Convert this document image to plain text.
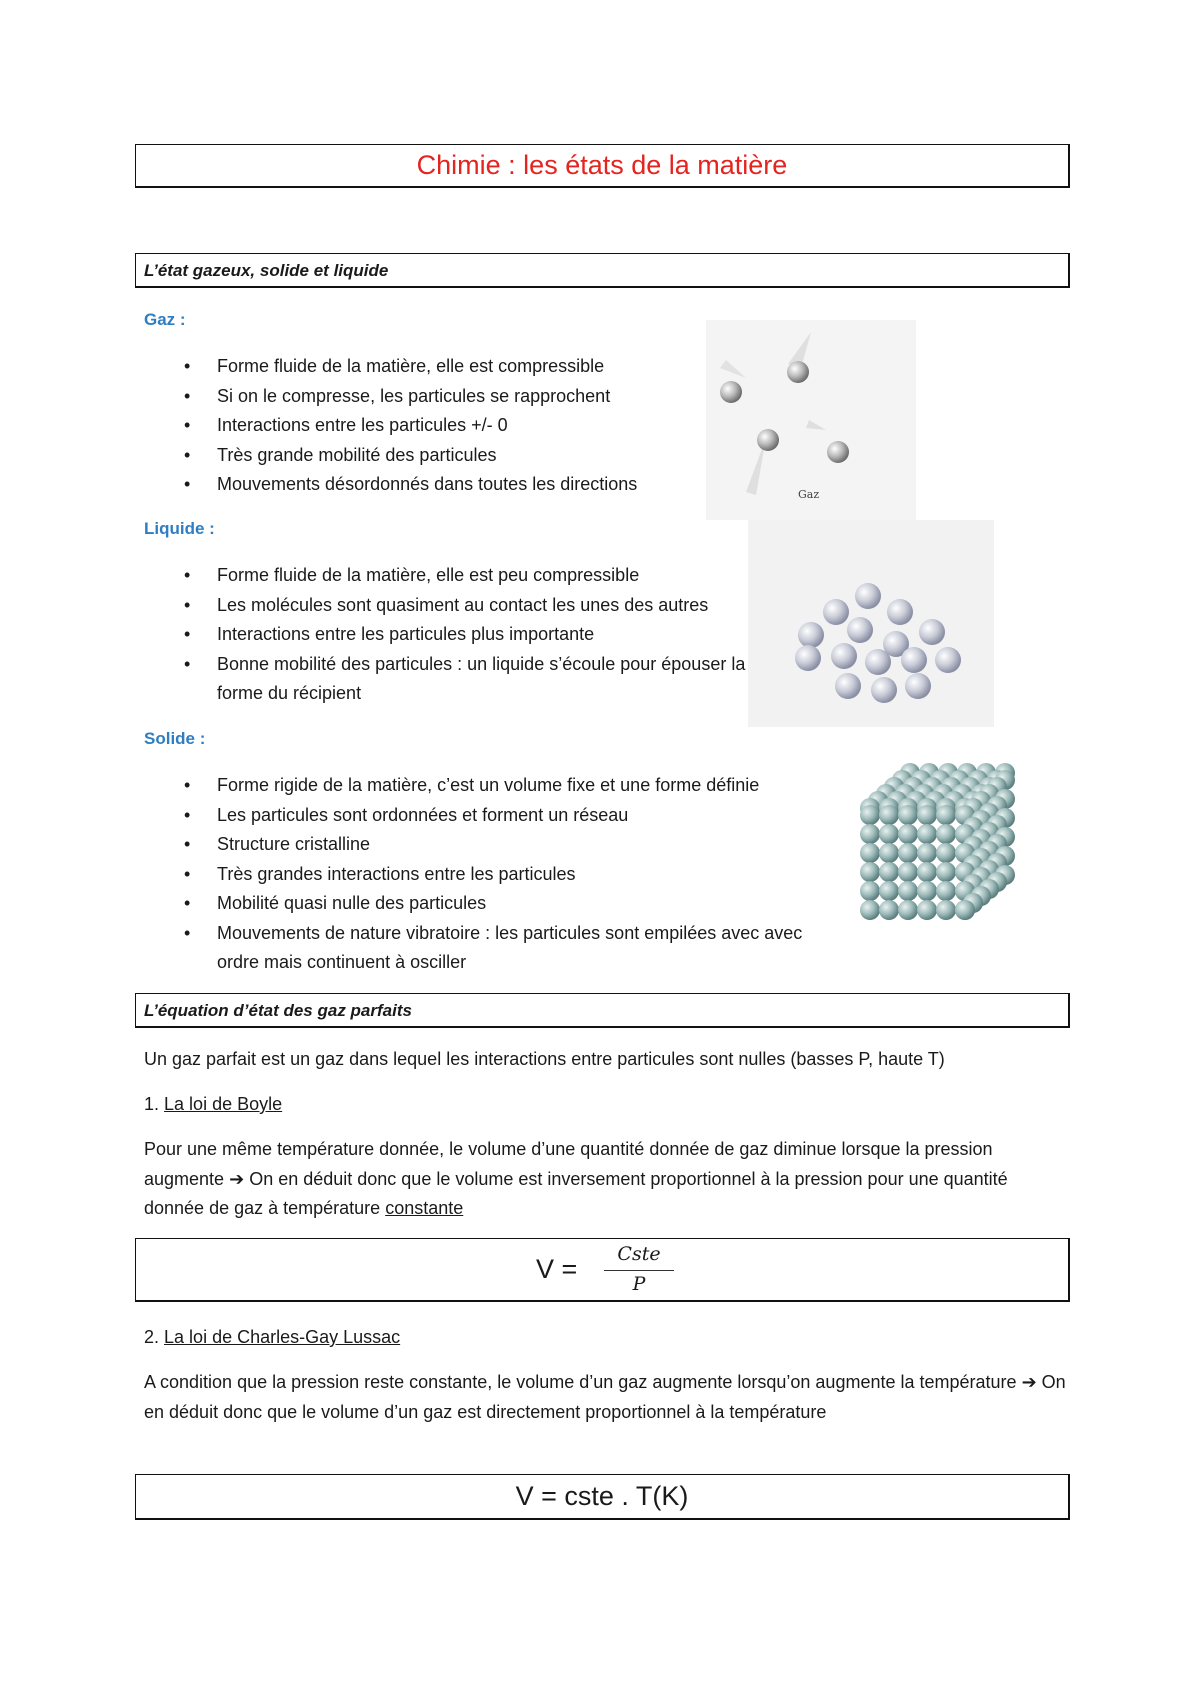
Chimie : les états de la matière
L’état gazeux, solide et liquide
Gaz :
• Forme fluide de la matière, elle est compressible
• Si on le compresse, les particules se rapprochent
• Interactions entre les particules +/- 0
• Très grande mobilité des particules
• Mouvements désordonnés dans toutes les directions
Gaz
Liquide :
• Forme fluide de la matière, elle est peu compressible
• Les molécules sont quasiment au contact les unes des autres
• Interactions entre les particules plus importante
• Bonne mobilité des particules : un liquide s’écoule pour épouser la forme du récipient
Solide :
• Forme rigide de la matière, c’est un volume fixe et une forme définie
• Les particules sont ordonnées et forment un réseau
• Structure cristalline
• Très grandes interactions entre les particules
• Mobilité quasi nulle des particules
• Mouvements de nature vibratoire : les particules sont empilées avec avec ordre mais continuent à osciller
L’équation d’état des gaz parfaits
Un gaz parfait est un gaz dans lequel les interactions entre particules sont nulles (basses P, haute T)
1. La loi de Boyle
Pour une même température donnée, le volume d’une quantité donnée de gaz diminue lorsque la pression augmente ➔ On en déduit donc que le volume est inversement proportionnel à la pression pour une quantité donnée de gaz à température constante
V =	Cste
P
2. La loi de Charles-Gay Lussac
A condition que la pression reste constante, le volume d’un gaz augmente lorsqu’on augmente la température ➔ On en déduit donc que le volume d’un gaz est directement proportionnel à la température
V = cste . T(K)
